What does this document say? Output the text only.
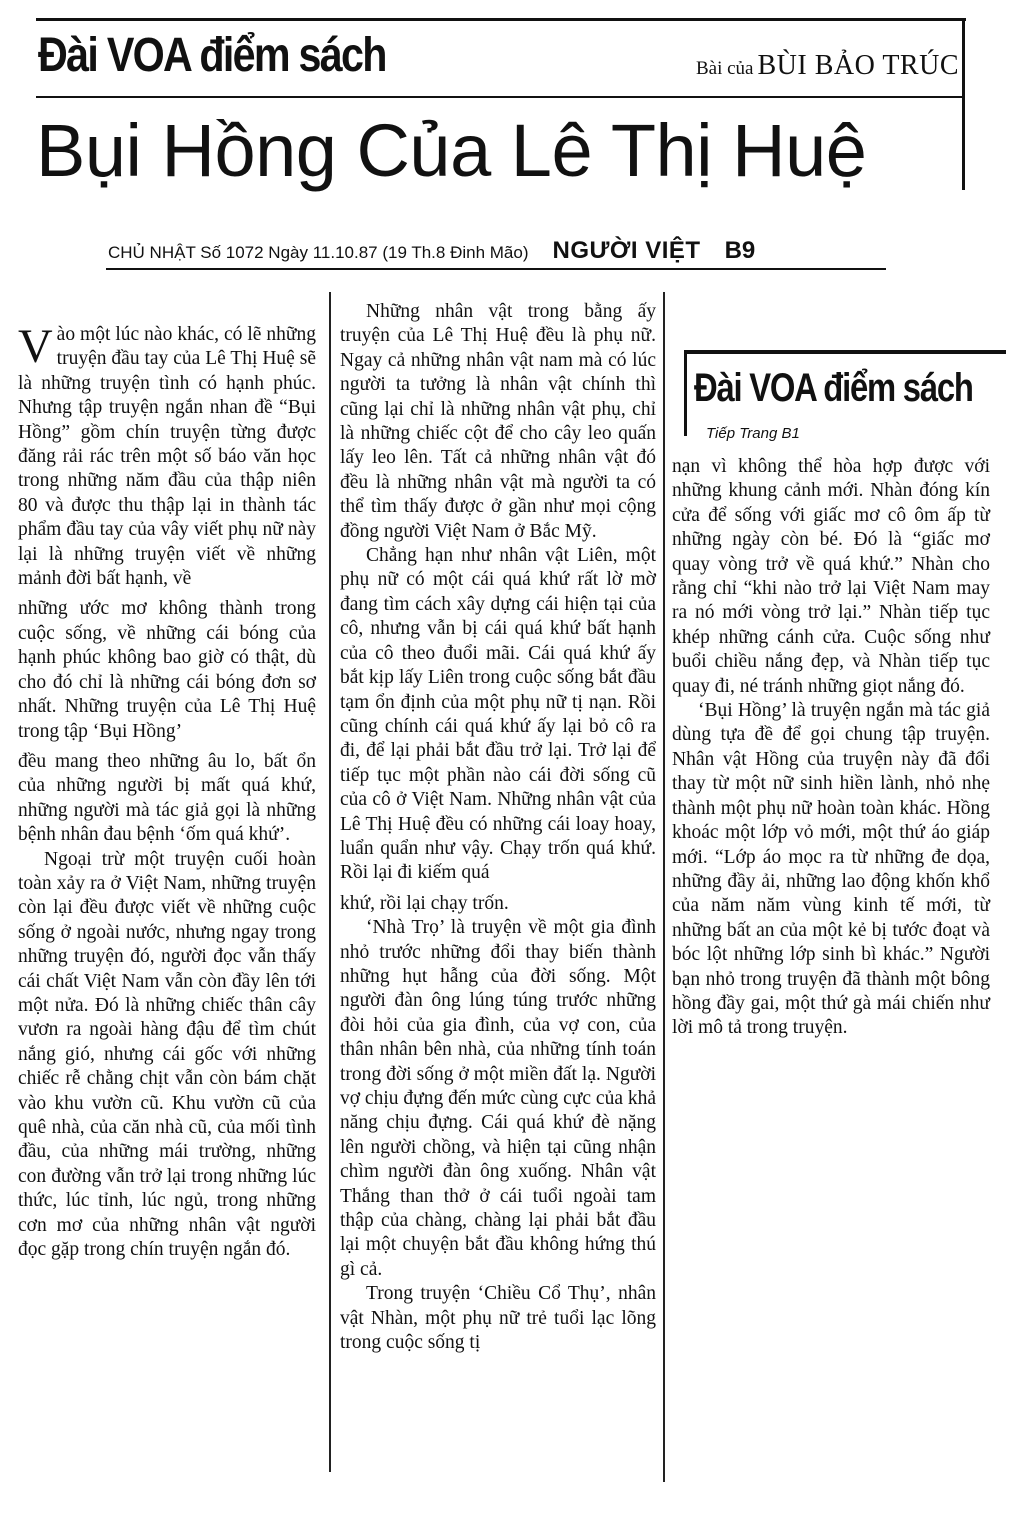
Đài VOA điểm sách	Bài của BÙI BẢO TRÚC
Bụi Hồng Của Lê Thị Huệ
CHỦ NHẬT Số 1072 Ngày 11.10.87 (19 Th.8 Đinh Mão) NGƯỜI VIỆT B9

Vào một lúc nào khác, có lẽ những truyện đầu tay của Lê Thị Huệ sẽ là những truyện tình có hạnh phúc. Nhưng tập truyện ngắn nhan đề “Bụi Hồng” gồm chín truyện từng được đăng rải rác trên một số báo văn học trong những năm đầu của thập niên 80 và được thu thập lại in thành tác phẩm đầu tay của vây viết phụ nữ này lại là những truyện viết về những mảnh đời bất hạnh, về

những ước mơ không thành trong cuộc sống, về những cái bóng của hạnh phúc không bao giờ có thật, dù cho đó chỉ là những cái bóng đơn sơ nhất. Những truyện của Lê Thị Huệ trong tập ‘Bụi Hồng’

đều mang theo những âu lo, bất ổn của những người bị mất quá khứ, những người mà tác giả gọi là những bệnh nhân đau bệnh ‘ốm quá khứ’.

Ngoại trừ một truyện cuối hoàn toàn xảy ra ở Việt Nam, những truyện còn lại đều được viết về những cuộc sống ở ngoài nước, nhưng ngay trong những truyện đó, người đọc vẫn thấy cái chất Việt Nam vẫn còn đầy lên tới một nửa. Đó là những chiếc thân cây vươn ra ngoài hàng đậu để tìm chút nắng gió, nhưng cái gốc với những chiếc rễ chằng chịt vẫn còn bám chặt vào khu vườn cũ. Khu vườn cũ của quê nhà, của căn nhà cũ, của mối tình đầu, của những mái trường, những con đường vẫn trở lại trong những lúc thức, lúc tỉnh, lúc ngủ, trong những cơn mơ của những nhân vật người đọc gặp trong chín truyện ngắn đó.

Những nhân vật trong bằng ấy truyện của Lê Thị Huệ đều là phụ nữ. Ngay cả những nhân vật nam mà có lúc người ta tưởng là nhân vật chính thì cũng lại chỉ là những nhân vật phụ, chỉ là những chiếc cột để cho cây leo quấn lấy leo lên. Tất cả những nhân vật đó đều là những nhân vật mà người ta có thể tìm thấy được ở gần như mọi cộng đồng người Việt Nam ở Bắc Mỹ.

Chẳng hạn như nhân vật Liên, một phụ nữ có một cái quá khứ rất lờ mờ đang tìm cách xây dựng cái hiện tại của cô, nhưng vẫn bị cái quá khứ bất hạnh của cô theo đuổi mãi. Cái quá khứ ấy bắt kịp lấy Liên trong cuộc sống bắt đầu tạm ổn định của một phụ nữ tị nạn. Rồi cũng chính cái quá khứ ấy lại bỏ cô ra đi, để lại phải bắt đầu trở lại. Trở lại để tiếp tục một phần nào cái đời sống cũ của cô ở Việt Nam. Những nhân vật của Lê Thị Huệ đều có những cái loay hoay, luẩn quẩn như vậy. Chạy trốn quá khứ. Rồi lại đi kiếm quá

khứ, rồi lại chạy trốn.

‘Nhà Trọ’ là truyện về một gia đình nhỏ trước những đổi thay biến thành những hụt hẫng của đời sống. Một người đàn ông lúng túng trước những đòi hỏi của gia đình, của vợ con, của thân nhân bên nhà, của những tính toán trong đời sống ở một miền đất lạ. Người vợ chịu đựng đến mức cùng cực của khả năng chịu đựng. Cái quá khứ đè nặng lên người chồng, và hiện tại cũng nhận chìm người đàn ông xuống. Nhân vật Thắng than thở ở cái tuổi ngoài tam thập của chàng, chàng lại phải bắt đầu lại một chuyện bắt đầu không hứng thú gì cả.

Trong truyện ‘Chiều Cổ Thụ’, nhân vật Nhàn, một phụ nữ trẻ tuổi lạc lõng trong cuộc sống tị

Đài VOA điểm sách
Tiếp Trang B1

nạn vì không thể hòa hợp được với những khung cảnh mới. Nhàn đóng kín cửa để sống với giấc mơ cô ôm ấp từ những ngày còn bé. Đó là “giấc mơ quay vòng trở về quá khứ.” Nhàn cho rằng chỉ “khi nào trở lại Việt Nam may ra nó mới vòng trở lại.” Nhàn tiếp tục khép những cánh cửa. Cuộc sống như buổi chiều nắng đẹp, và Nhàn tiếp tục quay đi, né tránh những giọt nắng đó.

‘Bụi Hồng’ là truyện ngắn mà tác giả dùng tựa đề để gọi chung tập truyện. Nhân vật Hồng của truyện này đã đổi thay từ một nữ sinh hiền lành, nhỏ nhẹ thành một phụ nữ hoàn toàn khác. Hồng khoác một lớp vỏ mới, một thứ áo giáp mới. “Lớp áo mọc ra từ những đe dọa, những đầy ải, những lao động khốn khổ của năm năm vùng kinh tế mới, từ những bất an của một kẻ bị tước đoạt và bóc lột những lớp sinh bì khác.” Người bạn nhỏ trong truyện đã thành một bông hồng đầy gai, một thứ gà mái chiến như lời mô tả trong truyện.
